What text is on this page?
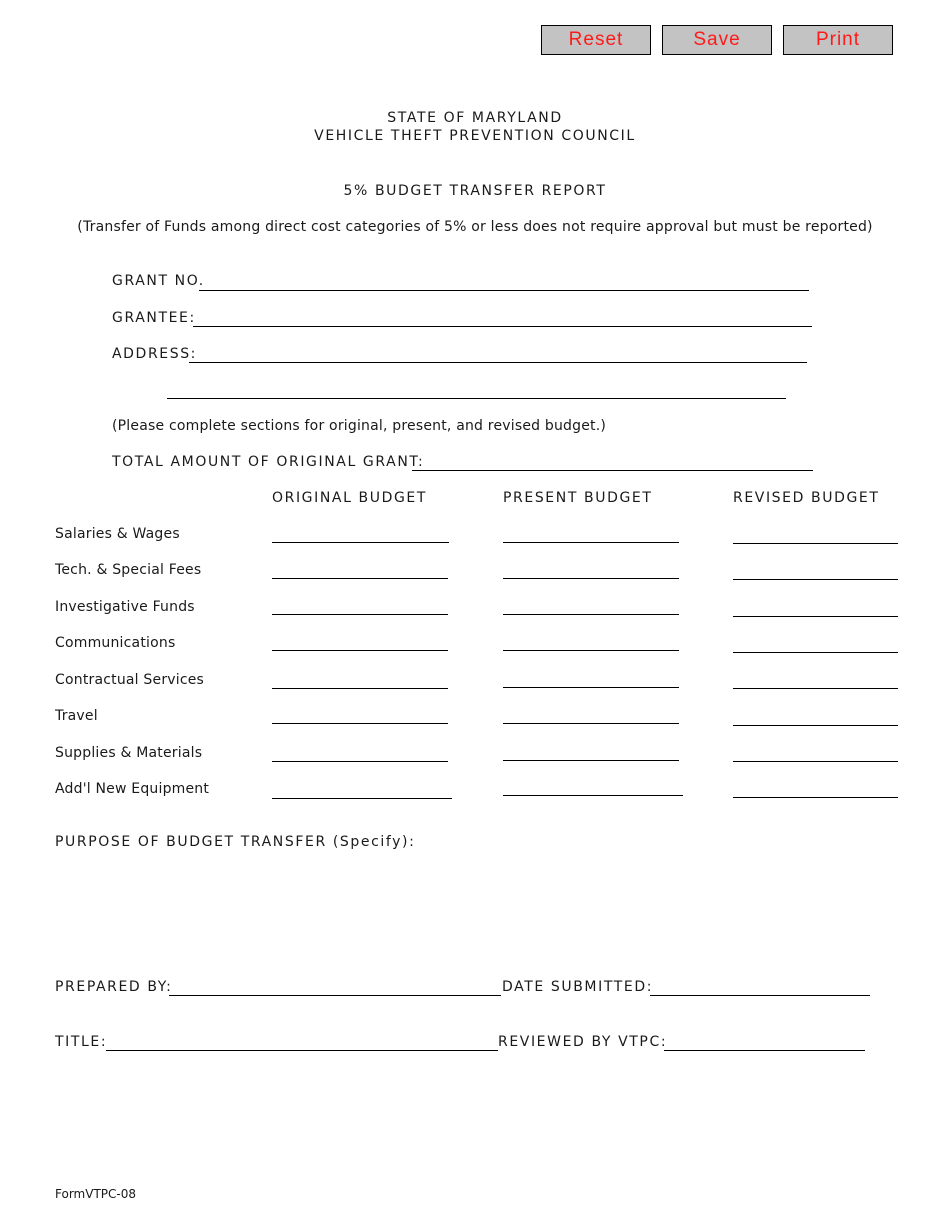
Reset	Save	Print
STATE OF MARYLAND
VEHICLE THEFT PREVENTION COUNCIL
5% BUDGET TRANSFER REPORT
(Transfer of Funds among direct cost categories of 5% or less does not require approval but must be reported)
GRANT NO.
GRANTEE:
ADDRESS:
(Please complete sections for original, present, and revised budget.)
TOTAL AMOUNT OF ORIGINAL GRANT:
ORIGINAL BUDGET	PRESENT BUDGET	REVISED BUDGET
Salaries & Wages
Tech. & Special Fees
Investigative Funds
Communications
Contractual Services
Travel
Supplies & Materials
Add'l New Equipment
PURPOSE OF BUDGET TRANSFER (Specify):
PREPARED BY:	DATE SUBMITTED:
TITLE:	REVIEWED BY VTPC:
FormVTPC-08
